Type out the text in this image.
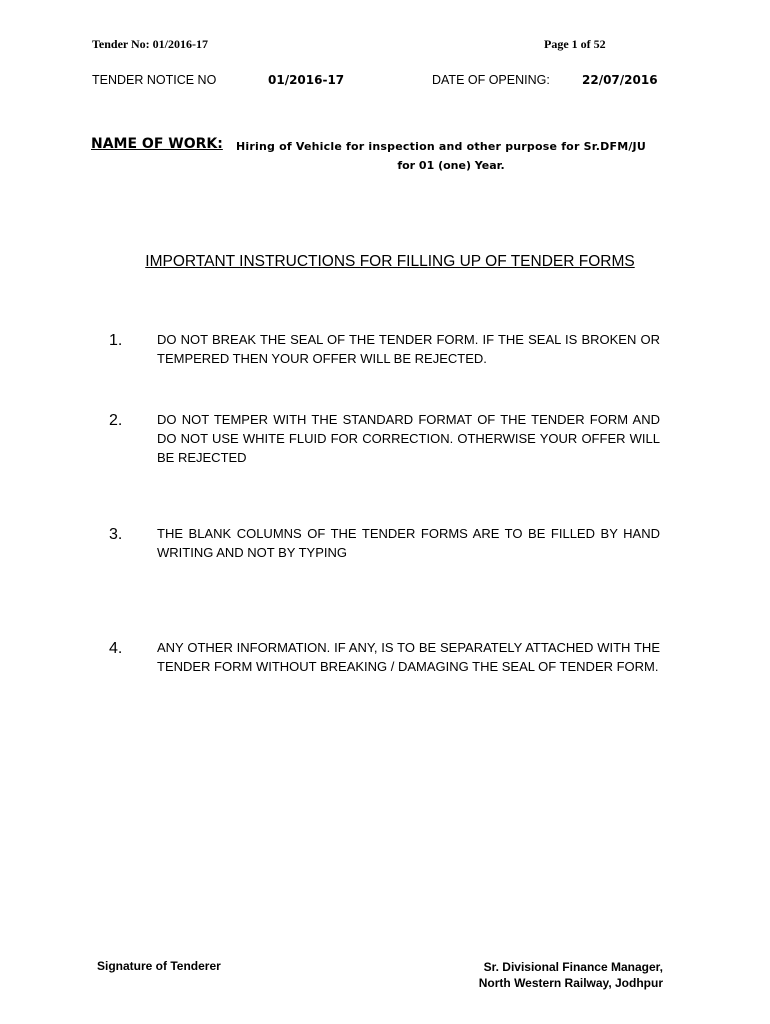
Tender No: 01/2016-17	Page 1 of 52
TENDER NOTICE NO	01/2016-17	DATE OF OPENING:	22/07/2016
NAME OF WORK: Hiring of Vehicle for inspection and other purpose for Sr.DFM/JU
for 01 (one) Year.
IMPORTANT INSTRUCTIONS FOR FILLING UP OF TENDER FORMS
1.	DO NOT BREAK THE SEAL OF THE TENDER FORM. IF THE SEAL IS BROKEN OR TEMPERED THEN YOUR OFFER WILL BE REJECTED.
2.	DO NOT TEMPER WITH THE STANDARD FORMAT OF THE TENDER FORM AND DO NOT USE WHITE FLUID FOR CORRECTION. OTHERWISE YOUR OFFER WILL BE REJECTED
3.	THE BLANK COLUMNS OF THE TENDER FORMS ARE TO BE FILLED BY HAND WRITING AND NOT BY TYPING
4.	ANY OTHER INFORMATION. IF ANY, IS TO BE SEPARATELY ATTACHED WITH THE TENDER FORM WITHOUT BREAKING / DAMAGING THE SEAL OF TENDER FORM.
Signature of Tenderer	Sr. Divisional Finance Manager,
North Western Railway, Jodhpur
